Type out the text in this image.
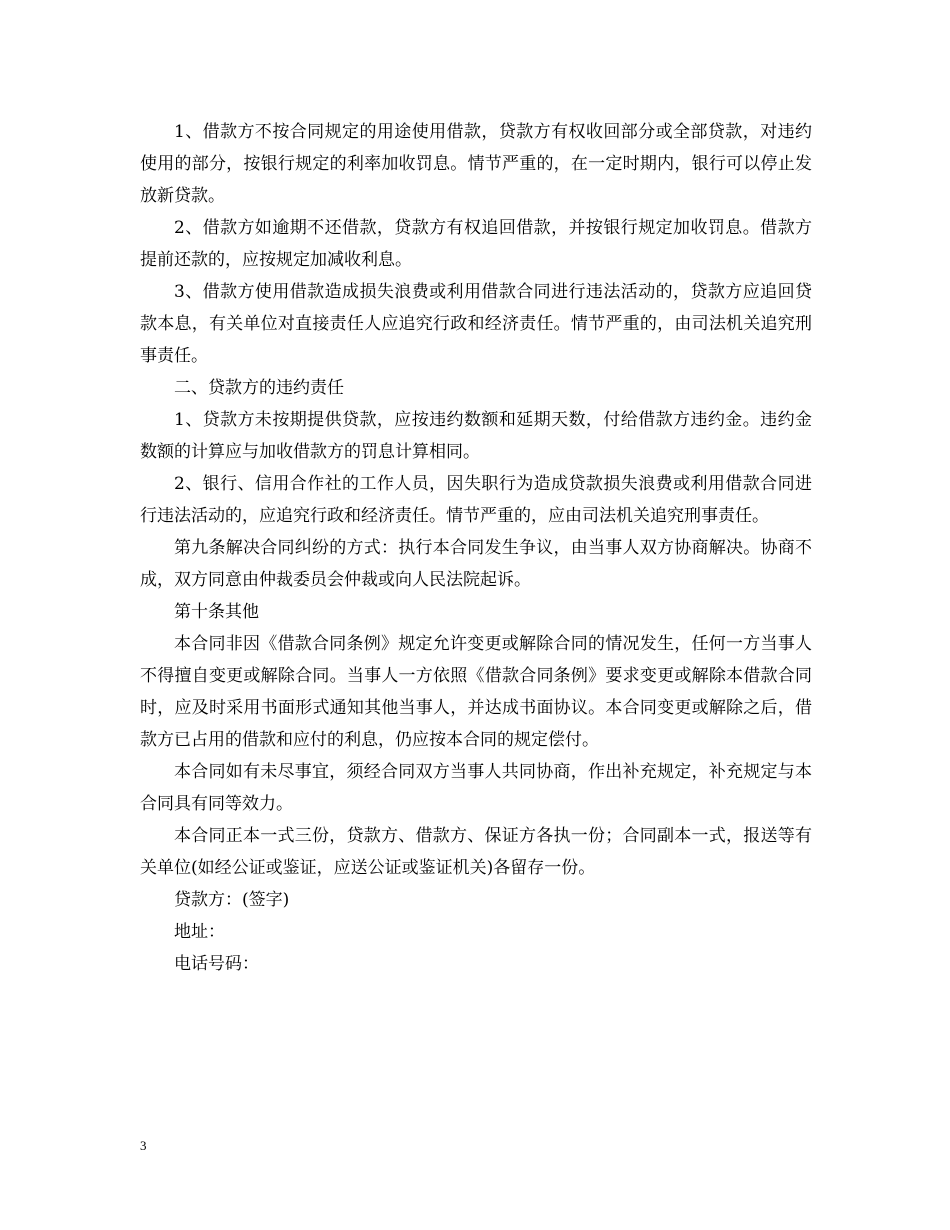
1、借款方不按合同规定的用途使用借款，贷款方有权收回部分或全部贷款，对违约使用的部分，按银行规定的利率加收罚息。情节严重的，在一定时期内，银行可以停止发放新贷款。

2、借款方如逾期不还借款，贷款方有权追回借款，并按银行规定加收罚息。借款方提前还款的，应按规定加减收利息。

3、借款方使用借款造成损失浪费或利用借款合同进行违法活动的，贷款方应追回贷款本息，有关单位对直接责任人应追究行政和经济责任。情节严重的，由司法机关追究刑事责任。

二、贷款方的违约责任

1、贷款方未按期提供贷款，应按违约数额和延期天数，付给借款方违约金。违约金数额的计算应与加收借款方的罚息计算相同。

2、银行、信用合作社的工作人员，因失职行为造成贷款损失浪费或利用借款合同进行违法活动的，应追究行政和经济责任。情节严重的，应由司法机关追究刑事责任。

第九条解决合同纠纷的方式：执行本合同发生争议，由当事人双方协商解决。协商不成，双方同意由仲裁委员会仲裁或向人民法院起诉。

第十条其他

本合同非因《借款合同条例》规定允许变更或解除合同的情况发生，任何一方当事人不得擅自变更或解除合同。当事人一方依照《借款合同条例》要求变更或解除本借款合同时，应及时采用书面形式通知其他当事人，并达成书面协议。本合同变更或解除之后，借款方已占用的借款和应付的利息，仍应按本合同的规定偿付。

本合同如有未尽事宜，须经合同双方当事人共同协商，作出补充规定，补充规定与本合同具有同等效力。

本合同正本一式三份，贷款方、借款方、保证方各执一份；合同副本一式，报送等有关单位(如经公证或鉴证，应送公证或鉴证机关)各留存一份。

贷款方：(签字)

地址：

电话号码：

3
